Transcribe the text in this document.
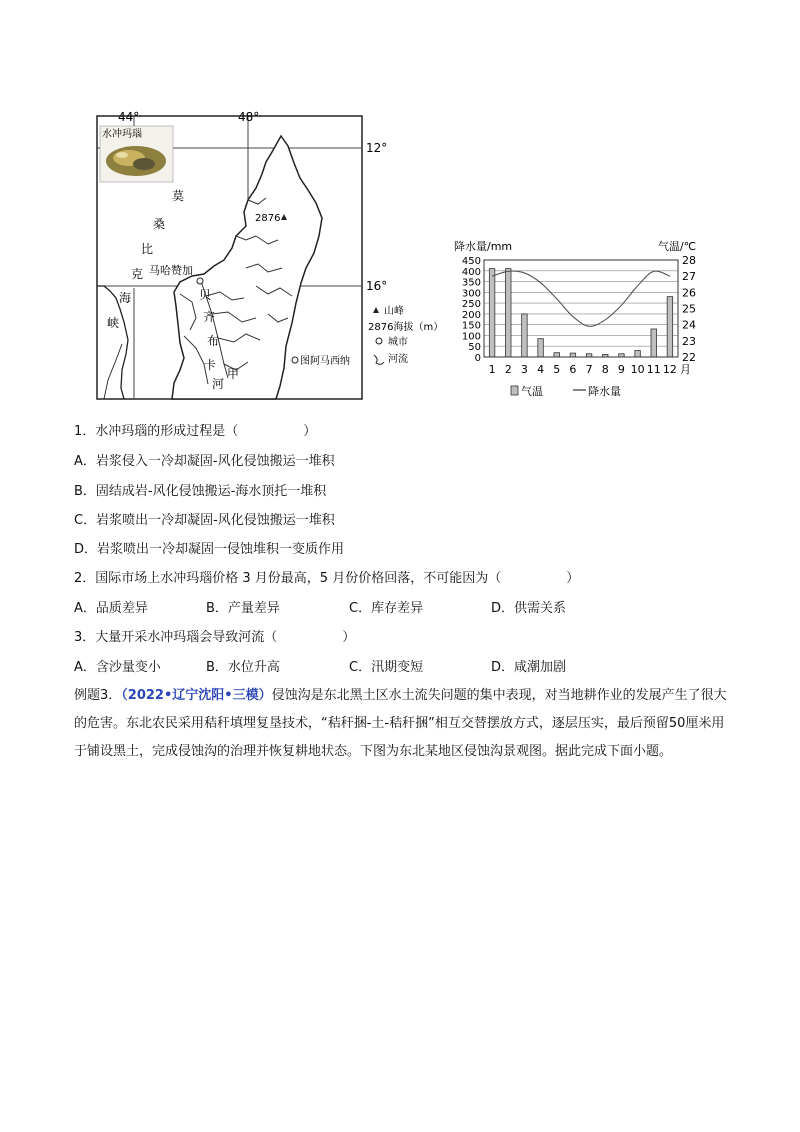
44°	48°
12°
16°
水冲玛瑙
莫
桑
比
克
海
峡
马哈赞加
贝
齐
布
卡
河
甲
2876
图阿马西纳
山峰
2876海拔（m）
城市
河流
降水量/mm	气温/℃
450
400
350
300
250
200
150
100
50
0
28
27
26
25
24
23
22
1 2 3 4 5 6 7 8 9 10 11 12 月
气温	降水量
1．水冲玛瑙的形成过程是（　　　　　）
A．岩浆侵入一冷却凝固-风化侵蚀搬运一堆积
B．固结成岩-风化侵蚀搬运-海水顶托一堆积
C．岩浆喷出一冷却凝固-风化侵蚀搬运一堆积
D．岩浆喷出一冷却凝固一侵蚀堆积一变质作用
2．国际市场上水冲玛瑙价格 3 月份最高，5 月份价格回落，不可能因为（　　　　　）
A．品质差异	B．产量差异	C．库存差异	D．供需关系
3．大量开采水冲玛瑙会导致河流（　　　　　）
A．含沙量变小	B．水位升高	C．汛期变短	D．咸潮加剧
例题3．（2022•辽宁沈阳•三模）侵蚀沟是东北黑土区水土流失问题的集中表现，对当地耕作业的发展产生了很大的危害。东北农民采用秸秆填埋复垦技术，“秸秆捆-土-秸秆捆”相互交替摆放方式，逐层压实，最后预留50厘米用于铺设黑土，完成侵蚀沟的治理并恢复耕地状态。下图为东北某地区侵蚀沟景观图。据此完成下面小题。
